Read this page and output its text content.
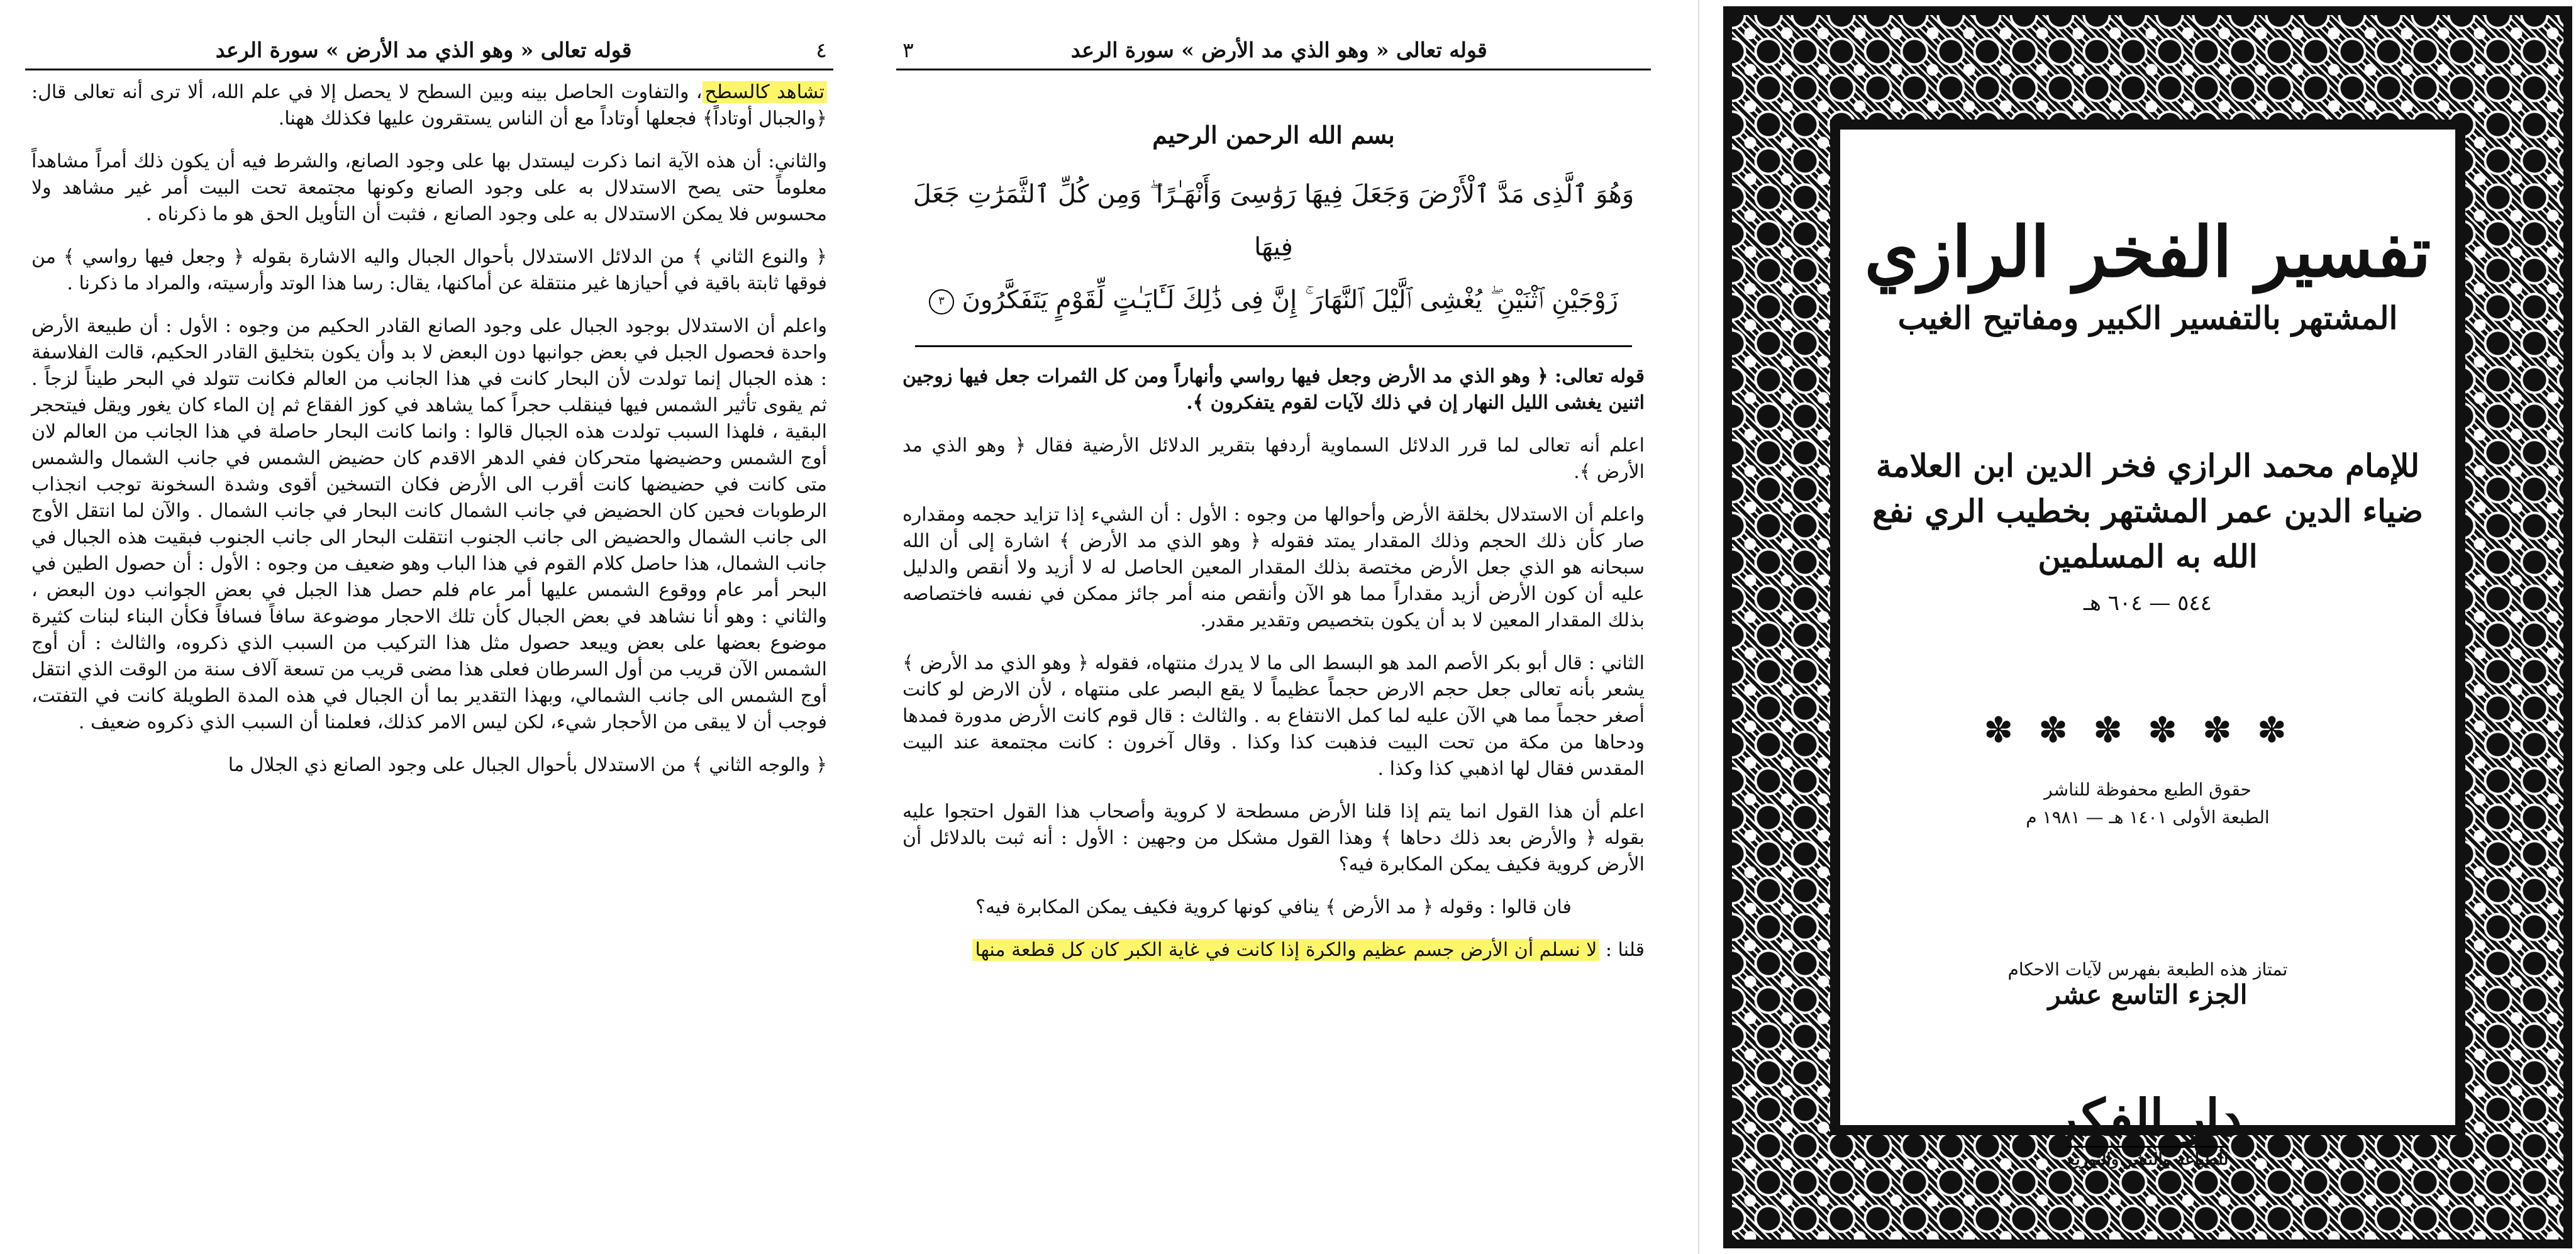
٤
قوله تعالى « وهو الذي مد الأرض » سورة الرعد

تشاهد كالسطح، والتفاوت الحاصل بينه وبين السطح لا يحصل إلا في علم الله، ألا ترى أنه تعالى قال: ﴿والجبال أوتاداً﴾ فجعلها أوتاداً مع أن الناس يستقرون عليها فكذلك ههنا.

والثاني: أن هذه الآية انما ذكرت ليستدل بها على وجود الصانع، والشرط فيه أن يكون ذلك أمراً مشاهداً معلوماً حتى يصح الاستدلال به على وجود الصانع وكونها مجتمعة تحت البيت أمر غير مشاهد ولا محسوس فلا يمكن الاستدلال به على وجود الصانع ، فثبت أن التأويل الحق هو ما ذكرناه .

﴿ والنوع الثاني ﴾ من الدلائل الاستدلال بأحوال الجبال واليه الاشارة بقوله ﴿ وجعل فيها رواسي ﴾ من فوقها ثابتة باقية في أحيازها غير منتقلة عن أماكنها، يقال: رسا هذا الوتد وأرسيته، والمراد ما ذكرنا .

واعلم أن الاستدلال بوجود الجبال على وجود الصانع القادر الحكيم من وجوه : الأول : أن طبيعة الأرض واحدة فحصول الجبل في بعض جوانبها دون البعض لا بد وأن يكون بتخليق القادر الحكيم، قالت الفلاسفة : هذه الجبال إنما تولدت لأن البحار كانت في هذا الجانب من العالم فكانت تتولد في البحر طيناً لزجاً . ثم يقوى تأثير الشمس فيها فينقلب حجراً كما يشاهد في كوز الفقاع ثم إن الماء كان يغور ويقل فيتحجر البقية ، فلهذا السبب تولدت هذه الجبال قالوا : وانما كانت البحار حاصلة في هذا الجانب من العالم لان أوج الشمس وحضيضها متحركان ففي الدهر الاقدم كان حضيض الشمس في جانب الشمال والشمس متى كانت في حضيضها كانت أقرب الى الأرض فكان التسخين أقوى وشدة السخونة توجب انجذاب الرطوبات فحين كان الحضيض في جانب الشمال كانت البحار في جانب الشمال . والآن لما انتقل الأوج الى جانب الشمال والحضيض الى جانب الجنوب انتقلت البحار الى جانب الجنوب فبقيت هذه الجبال في جانب الشمال، هذا حاصل كلام القوم في هذا الباب وهو ضعيف من وجوه : الأول : أن حصول الطين في البحر أمر عام ووقوع الشمس عليها أمر عام فلم حصل هذا الجبل في بعض الجوانب دون البعض ، والثاني : وهو أنا نشاهد في بعض الجبال كأن تلك الاحجار موضوعة سافاً فسافاً فكأن البناء لبنات كثيرة موضوع بعضها على بعض ويبعد حصول مثل هذا التركيب من السبب الذي ذكروه، والثالث : أن أوج الشمس الآن قريب من أول السرطان فعلى هذا مضى قريب من تسعة آلاف سنة من الوقت الذي انتقل أوج الشمس الى جانب الشمالي، وبهذا التقدير بما أن الجبال في هذه المدة الطويلة كانت في التفتت، فوجب أن لا يبقى من الأحجار شيء، لكن ليس الامر كذلك، فعلمنا أن السبب الذي ذكروه ضعيف .

﴿ والوجه الثاني ﴾ من الاستدلال بأحوال الجبال على وجود الصانع ذي الجلال ما

قوله تعالى « وهو الذي مد الأرض » سورة الرعد
٣
بسم الله الرحمن الرحيم
وَهُوَ ٱلَّذِى مَدَّ ٱلْأَرْضَ وَجَعَلَ فِيهَا رَوَٰسِىَ وَأَنْهَـٰرًا ۖ وَمِن كُلِّ ٱلثَّمَرَٰتِ جَعَلَ فِيهَا
زَوْجَيْنِ ٱثْنَيْنِ ۖ يُغْشِى ٱلَّيْلَ ٱلنَّهَارَ ۚ إِنَّ فِى ذَٰلِكَ لَـَٔايَـٰتٍ لِّقَوْمٍ يَتَفَكَّرُونَ ٣

قوله تعالى: ﴿ وهو الذي مد الأرض وجعل فيها رواسي وأنهاراً ومن كل الثمرات جعل فيها زوجين اثنين يغشى الليل النهار إن في ذلك لآيات لقوم يتفكرون ﴾.

اعلم أنه تعالى لما قرر الدلائل السماوية أردفها بتقرير الدلائل الأرضية فقال ﴿ وهو الذي مد الأرض ﴾.

واعلم أن الاستدلال بخلقة الأرض وأحوالها من وجوه : الأول : أن الشيء إذا تزايد حجمه ومقداره صار كأن ذلك الحجم وذلك المقدار يمتد فقوله ﴿ وهو الذي مد الأرض ﴾ اشارة إلى أن الله سبحانه هو الذي جعل الأرض مختصة بذلك المقدار المعين الحاصل له لا أزيد ولا أنقص والدليل عليه أن كون الأرض أزيد مقداراً مما هو الآن وأنقص منه أمر جائز ممكن في نفسه فاختصاصه بذلك المقدار المعين لا بد أن يكون بتخصيص وتقدير مقدر.

الثاني : قال أبو بكر الأصم المد هو البسط الى ما لا يدرك منتهاه، فقوله ﴿ وهو الذي مد الأرض ﴾ يشعر بأنه تعالى جعل حجم الارض حجماً عظيماً لا يقع البصر على منتهاه ، لأن الارض لو كانت أصغر حجماً مما هي الآن عليه لما كمل الانتفاع به . والثالث : قال قوم كانت الأرض مدورة فمدها ودحاها من مكة من تحت البيت فذهبت كذا وكذا . وقال آخرون : كانت مجتمعة عند البيت المقدس فقال لها اذهبي كذا وكذا .

اعلم أن هذا القول انما يتم إذا قلنا الأرض مسطحة لا كروية وأصحاب هذا القول احتجوا عليه بقوله ﴿ والأرض بعد ذلك دحاها ﴾ وهذا القول مشكل من وجهين : الأول : أنه ثبت بالدلائل أن الأرض كروية فكيف يمكن المكابرة فيه؟

فان قالوا : وقوله ﴿ مد الأرض ﴾ ينافي كونها كروية فكيف يمكن المكابرة فيه؟

قلنا : لا نسلم أن الأرض جسم عظيم والكرة إذا كانت في غاية الكبر كان كل قطعة منها

تفسير الفخر الرازي
المشتهر بالتفسير الكبير ومفاتيح الغيب
للإمام محمد الرازي فخر الدين ابن العلامة ضياء الدين عمر المشتهر بخطيب الري نفع الله به المسلمين
٥٤٤ — ٦٠٤ هـ
✽✽✽✽✽✽
حقوق الطبع محفوظة للناشر
الطبعة الأولى ١٤٠١ هـ — ١٩٨١ م
تمتاز هذه الطبعة بفهرس لآيات الاحكام
الجزء التاسع عشر
دار الفكر
للطباعة والنشر والتوزيع
